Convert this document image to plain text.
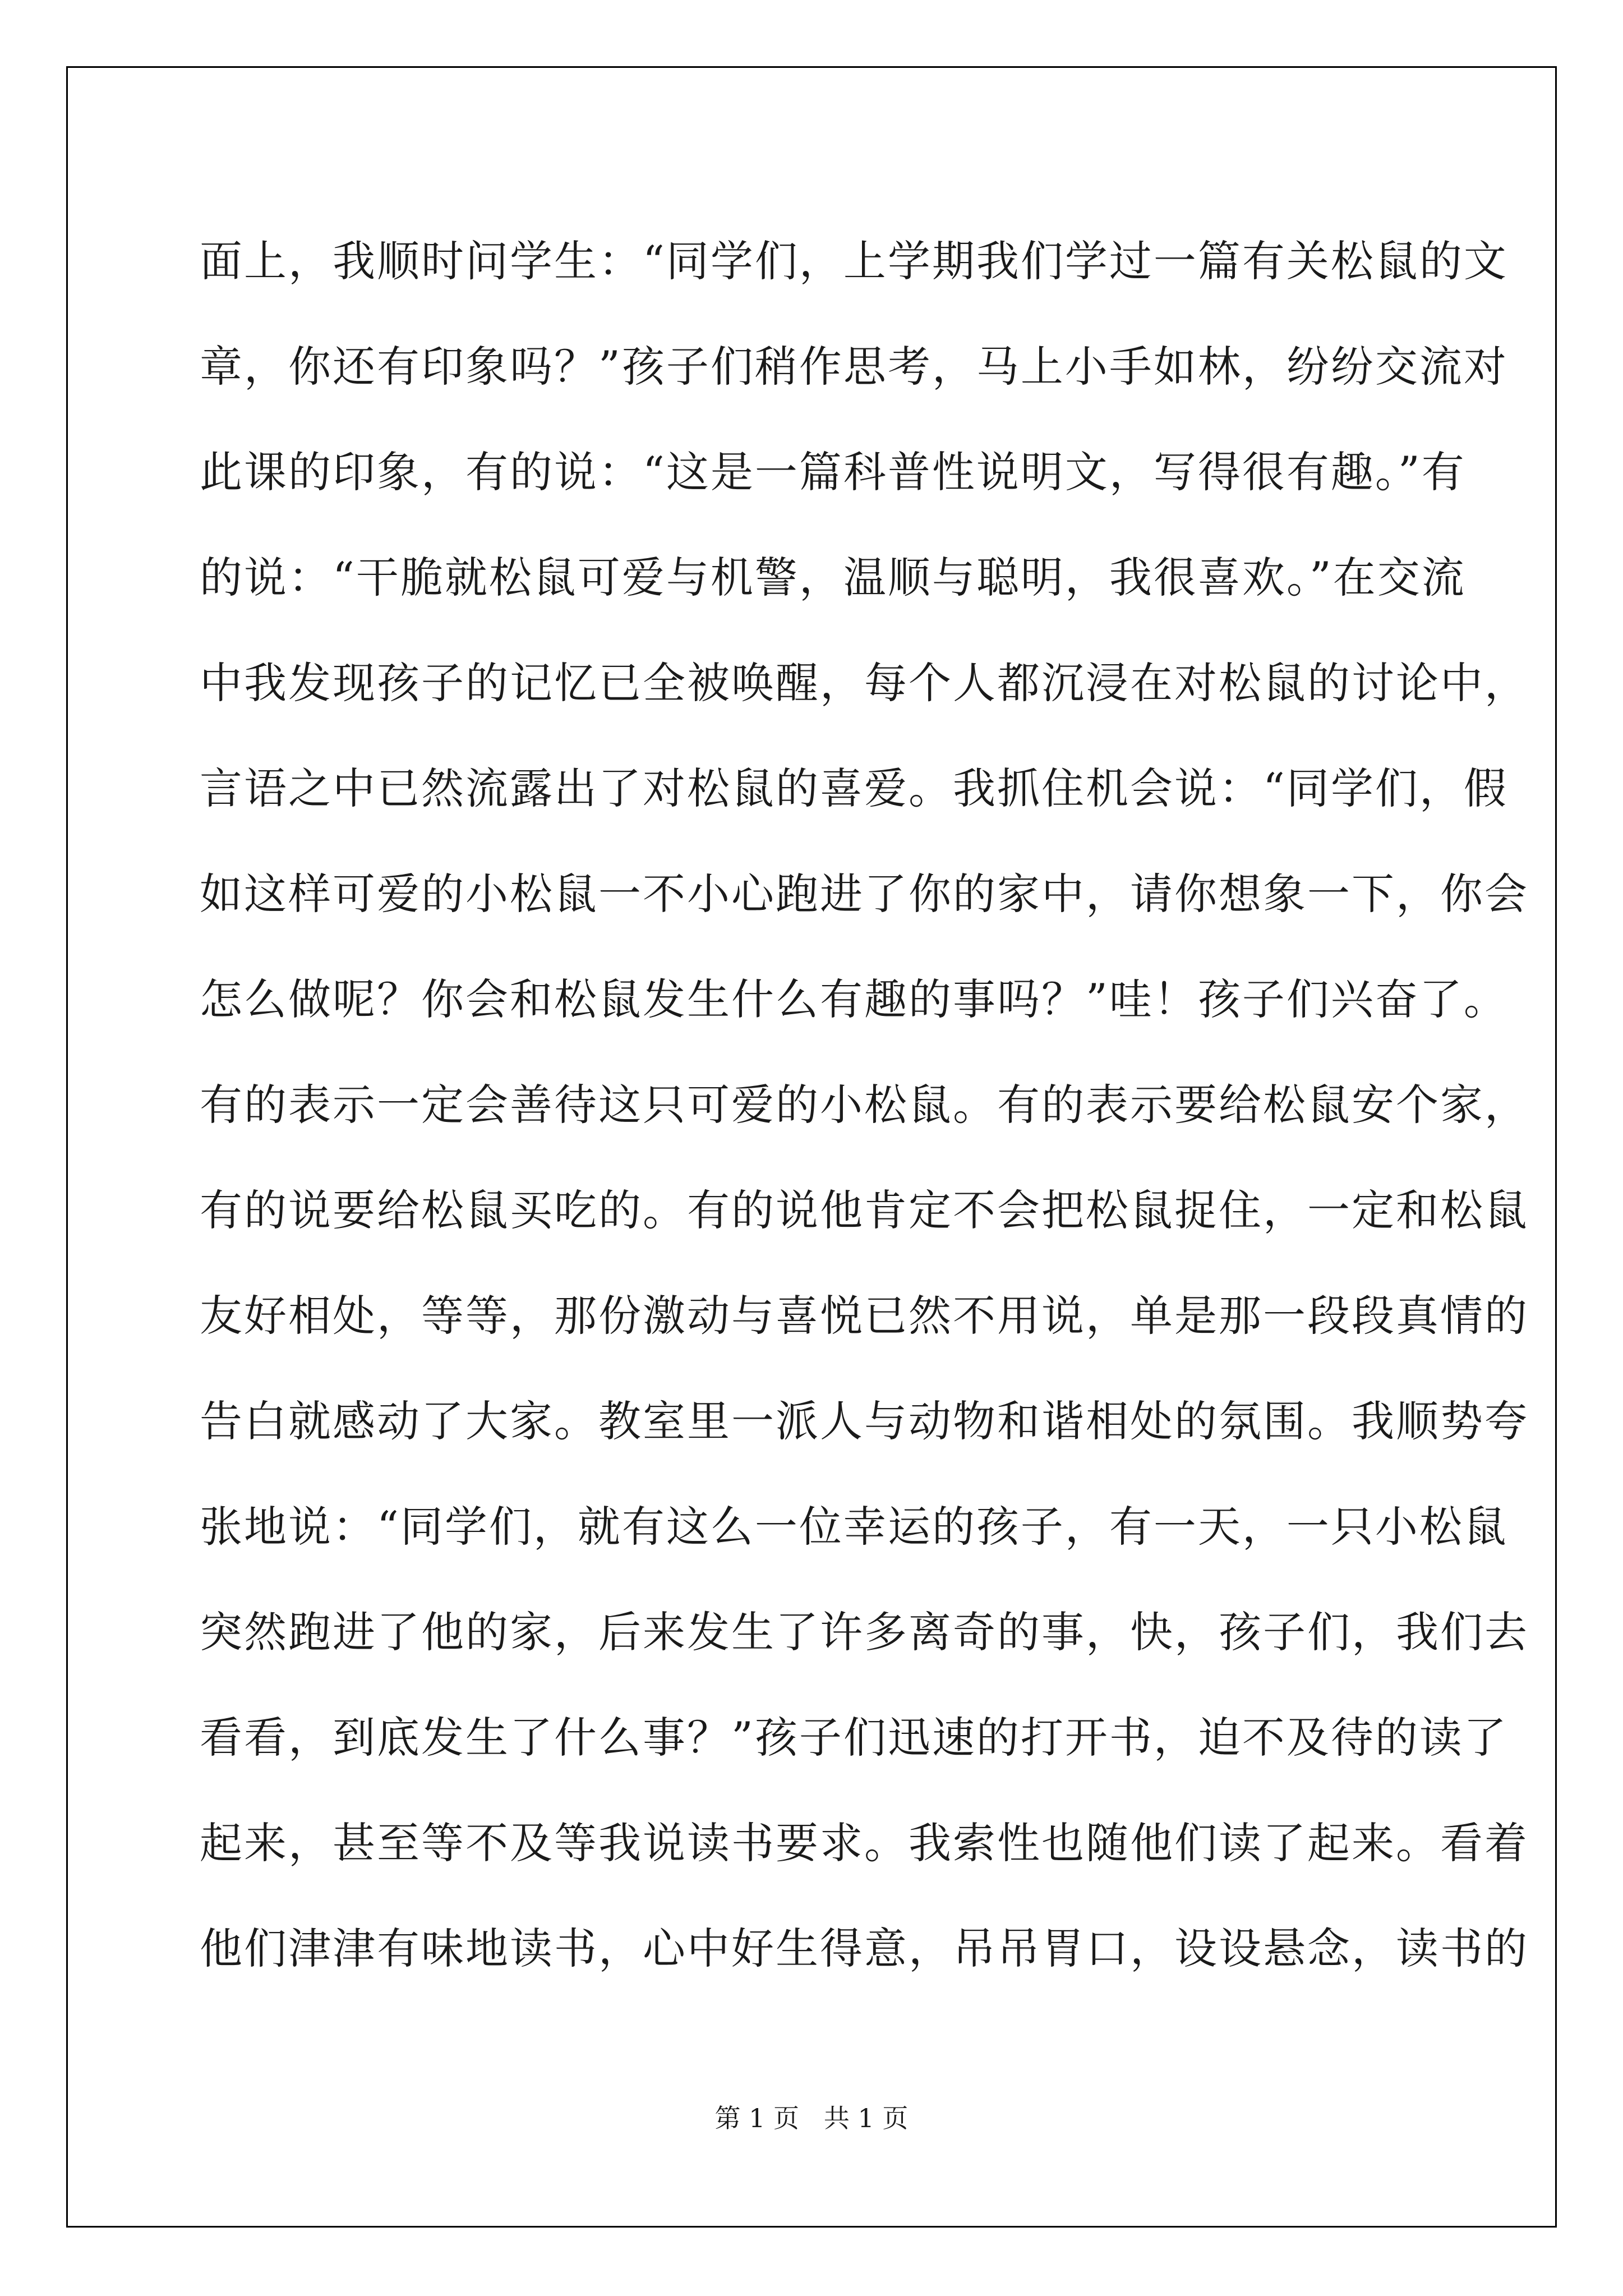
面上，我顺时问学生：“同学们，上学期我们学过一篇有关松鼠的文
章，你还有印象吗？”孩子们稍作思考，马上小手如林，纷纷交流对
此课的印象，有的说：“这是一篇科普性说明文，写得很有趣。”有
的说：“干脆就松鼠可爱与机警，温顺与聪明，我很喜欢。”在交流
中我发现孩子的记忆已全被唤醒，每个人都沉浸在对松鼠的讨论中，
言语之中已然流露出了对松鼠的喜爱。我抓住机会说：“同学们，假
如这样可爱的小松鼠一不小心跑进了你的家中，请你想象一下，你会
怎么做呢？你会和松鼠发生什么有趣的事吗？”哇！孩子们兴奋了。
有的表示一定会善待这只可爱的小松鼠。有的表示要给松鼠安个家，
有的说要给松鼠买吃的。有的说他肯定不会把松鼠捉住，一定和松鼠
友好相处，等等，那份激动与喜悦已然不用说，单是那一段段真情的
告白就感动了大家。教室里一派人与动物和谐相处的氛围。我顺势夸
张地说：“同学们，就有这么一位幸运的孩子，有一天，一只小松鼠
突然跑进了他的家，后来发生了许多离奇的事，快，孩子们，我们去
看看，到底发生了什么事？”孩子们迅速的打开书，迫不及待的读了
起来，甚至等不及等我说读书要求。我索性也随他们读了起来。看着
他们津津有味地读书，心中好生得意，吊吊胃口，设设悬念，读书的
第 1 页   共 1 页
